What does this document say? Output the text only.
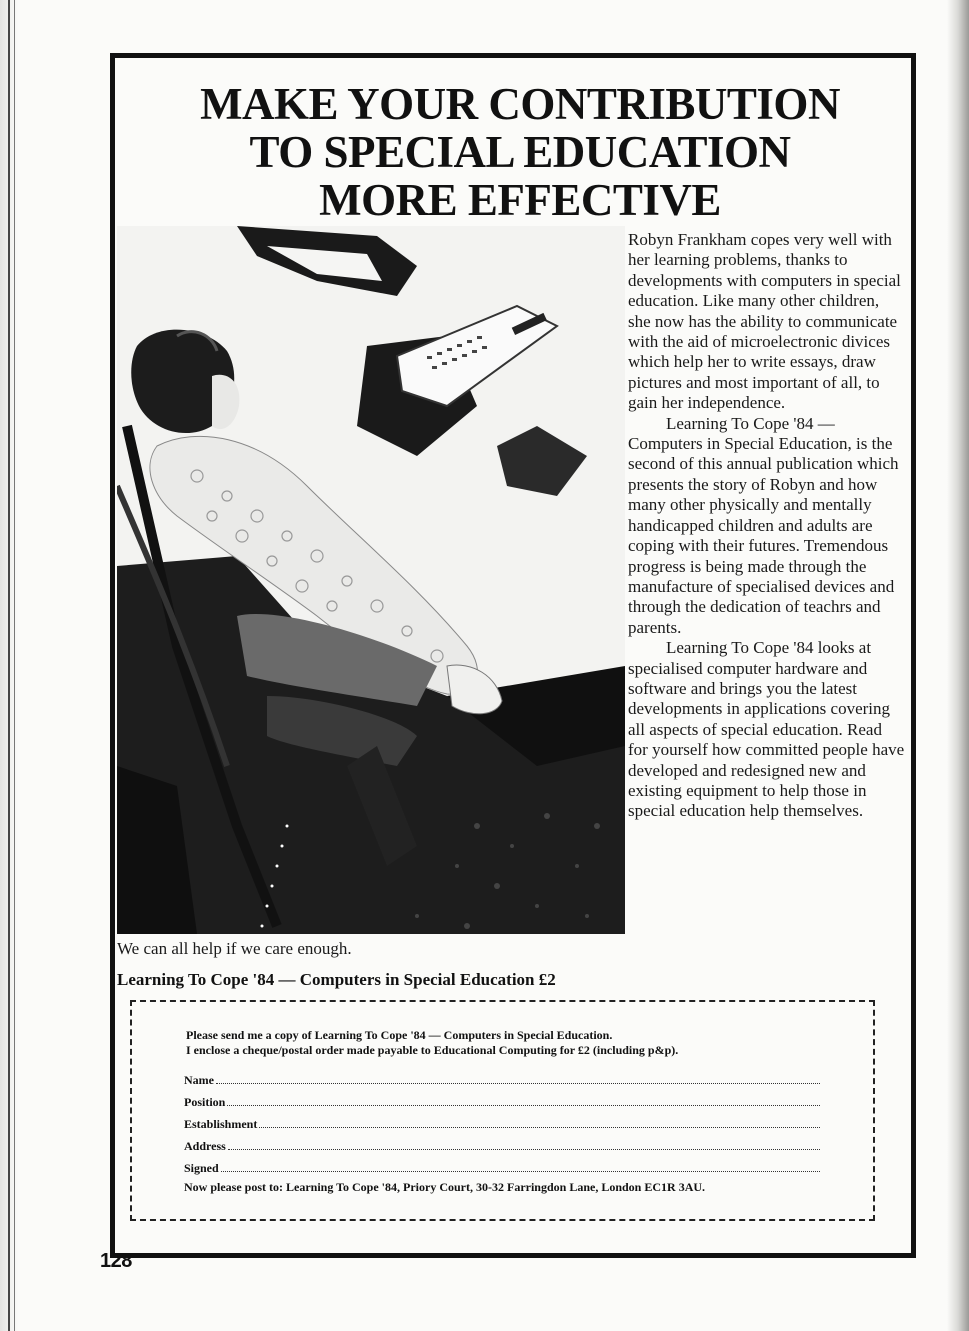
MAKE YOUR CONTRIBUTION
TO SPECIAL EDUCATION
MORE EFFECTIVE

Robyn Frankham copes very well with her learning problems, thanks to developments with computers in special education. Like many other children, she now has the ability to communicate with the aid of microelectronic divices which help her to write essays, draw pictures and most important of all, to gain her independence.

Learning To Cope '84 — Computers in Special Education, is the second of this annual publication which presents the story of Robyn and how many other physically and mentally handicapped children and adults are coping with their futures. Tremendous progress is being made through the manufacture of specialised devices and through the dedication of teachrs and parents.

Learning To Cope '84 looks at specialised computer hardware and software and brings you the latest developments in applications covering all aspects of special education. Read for yourself how committed people have developed and redesigned new and existing equipment to help those in special education help themselves.

We can all help if we care enough.
Learning To Cope '84 — Computers in Special Education £2
Please send me a copy of Learning To Cope '84 — Computers in Special Education.
I enclose a cheque/postal order made payable to Educational Computing for £2 (including p&p).
Name
Position
Establishment
Address
Signed
Now please post to: Learning To Cope '84, Priory Court, 30-32 Farringdon Lane, London EC1R 3AU.
128
